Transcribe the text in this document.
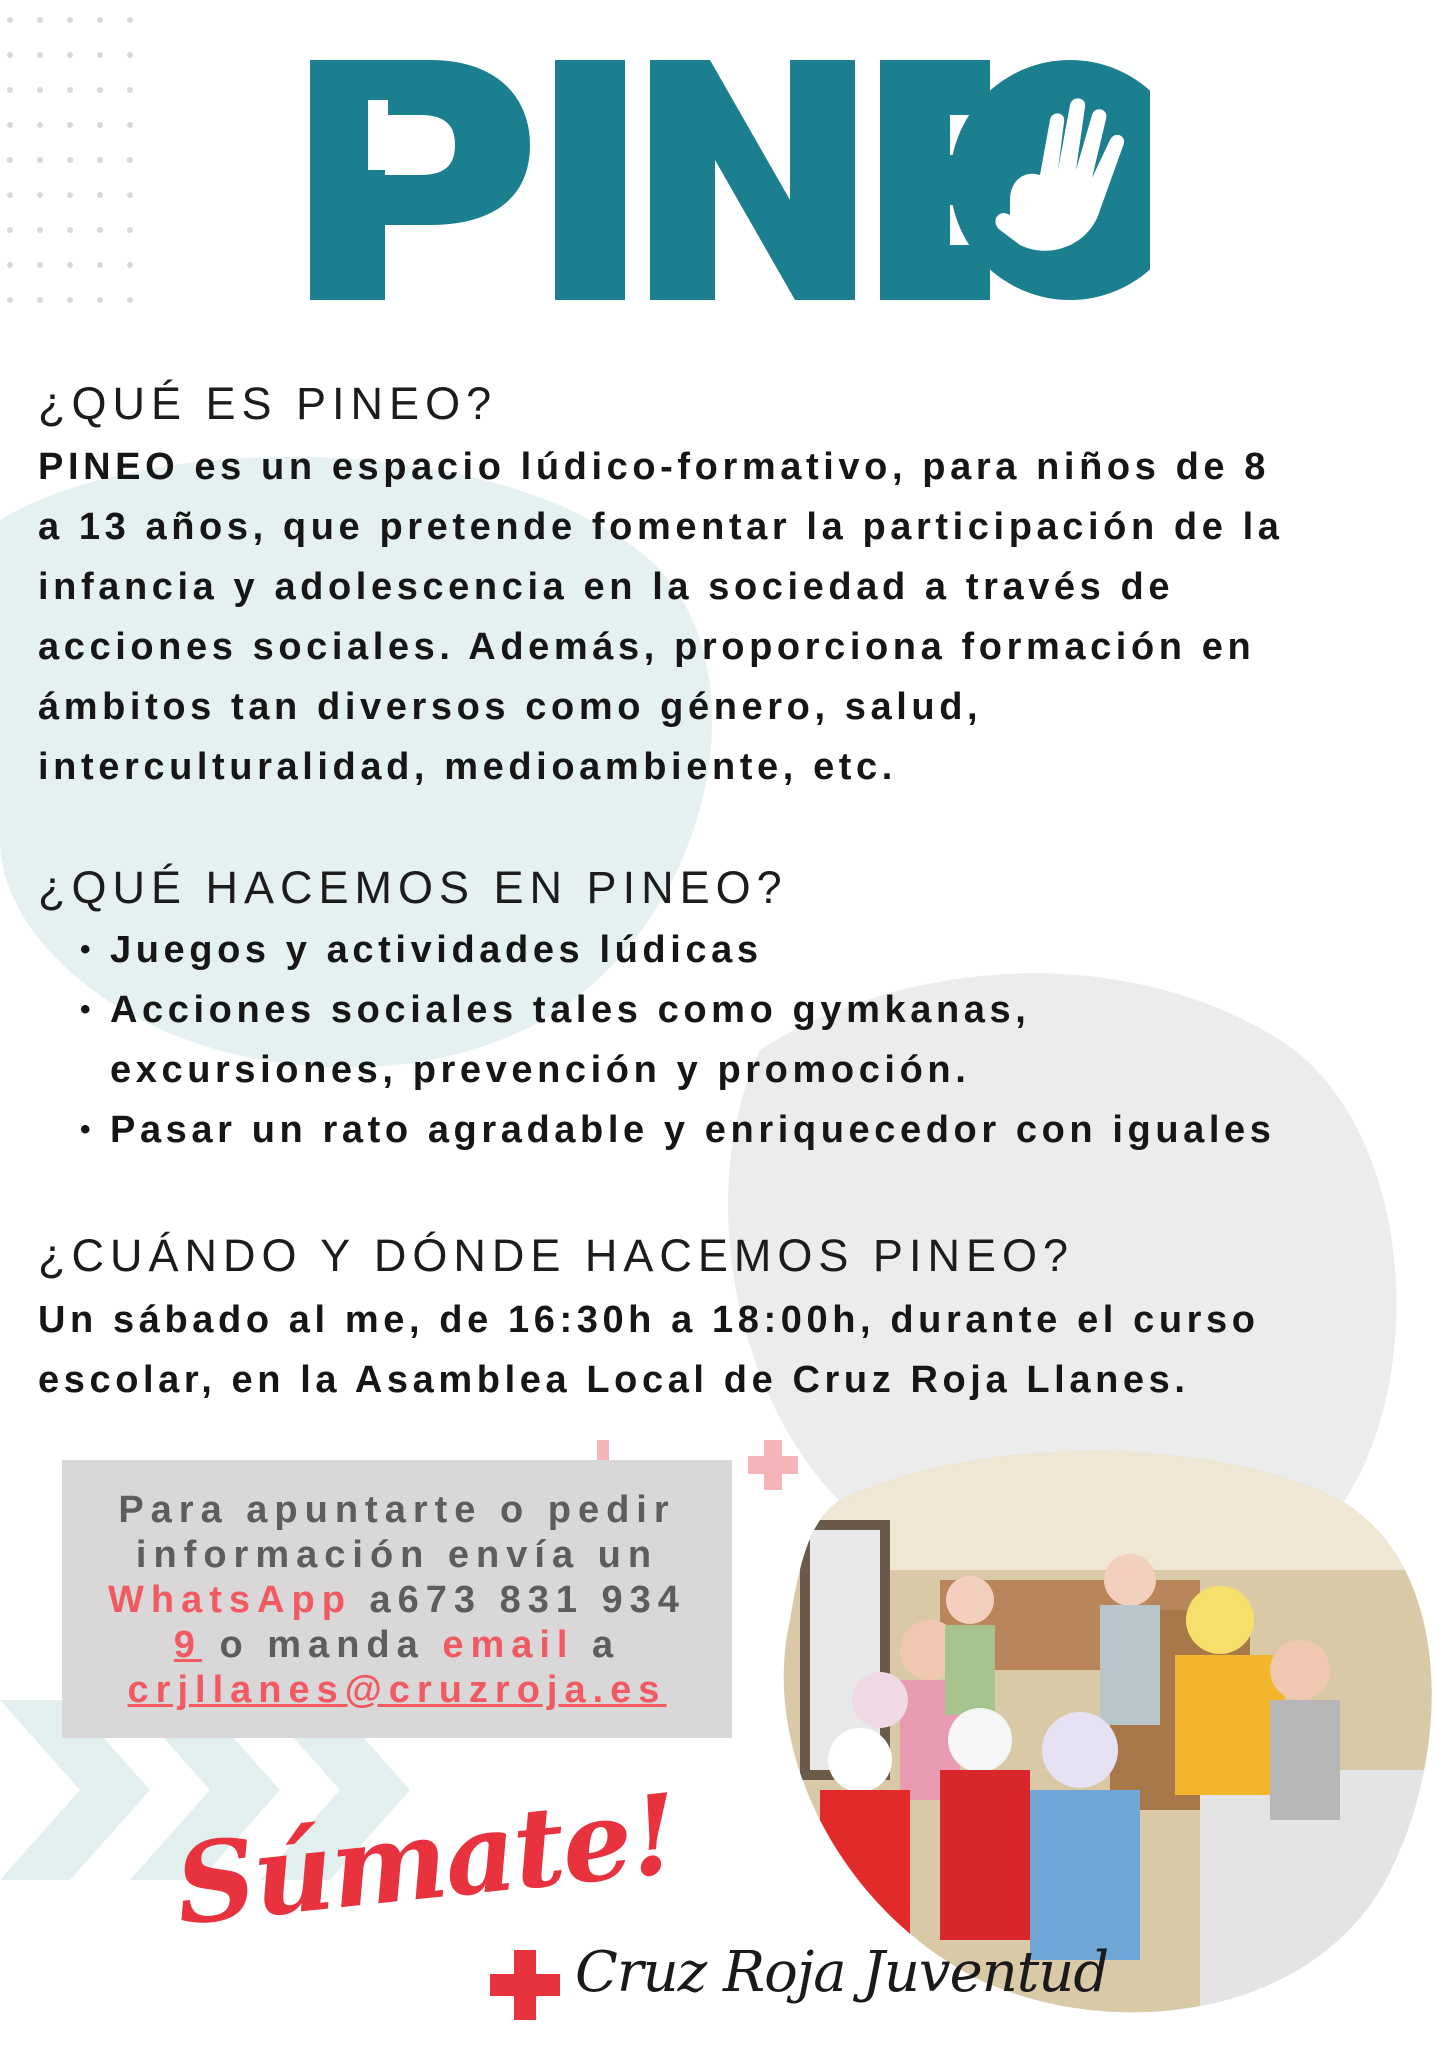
¿QUÉ ES PINEO?
PINEO es un espacio lúdico-formativo, para niños de 8
a 13 años, que pretende fomentar la participación de la
infancia y adolescencia en la sociedad a través de
acciones sociales. Además, proporciona formación en
ámbitos tan diversos como género, salud,
interculturalidad, medioambiente, etc.
¿QUÉ HACEMOS EN PINEO?
• Juegos y actividades lúdicas
• Acciones sociales tales como gymkanas,
excursiones, prevención y promoción.
• Pasar un rato agradable y enriquecedor con iguales
¿CUÁNDO Y DÓNDE HACEMOS PINEO?
Un sábado al me, de 16:30h a 18:00h, durante el curso
escolar, en la Asamblea Local de Cruz Roja Llanes.
Para apuntarte o pedir
información envía un
WhatsApp a673 831 934
9 o manda email a
crjllanes@cruzroja.es
Súmate!
Cruz Roja Juventud
